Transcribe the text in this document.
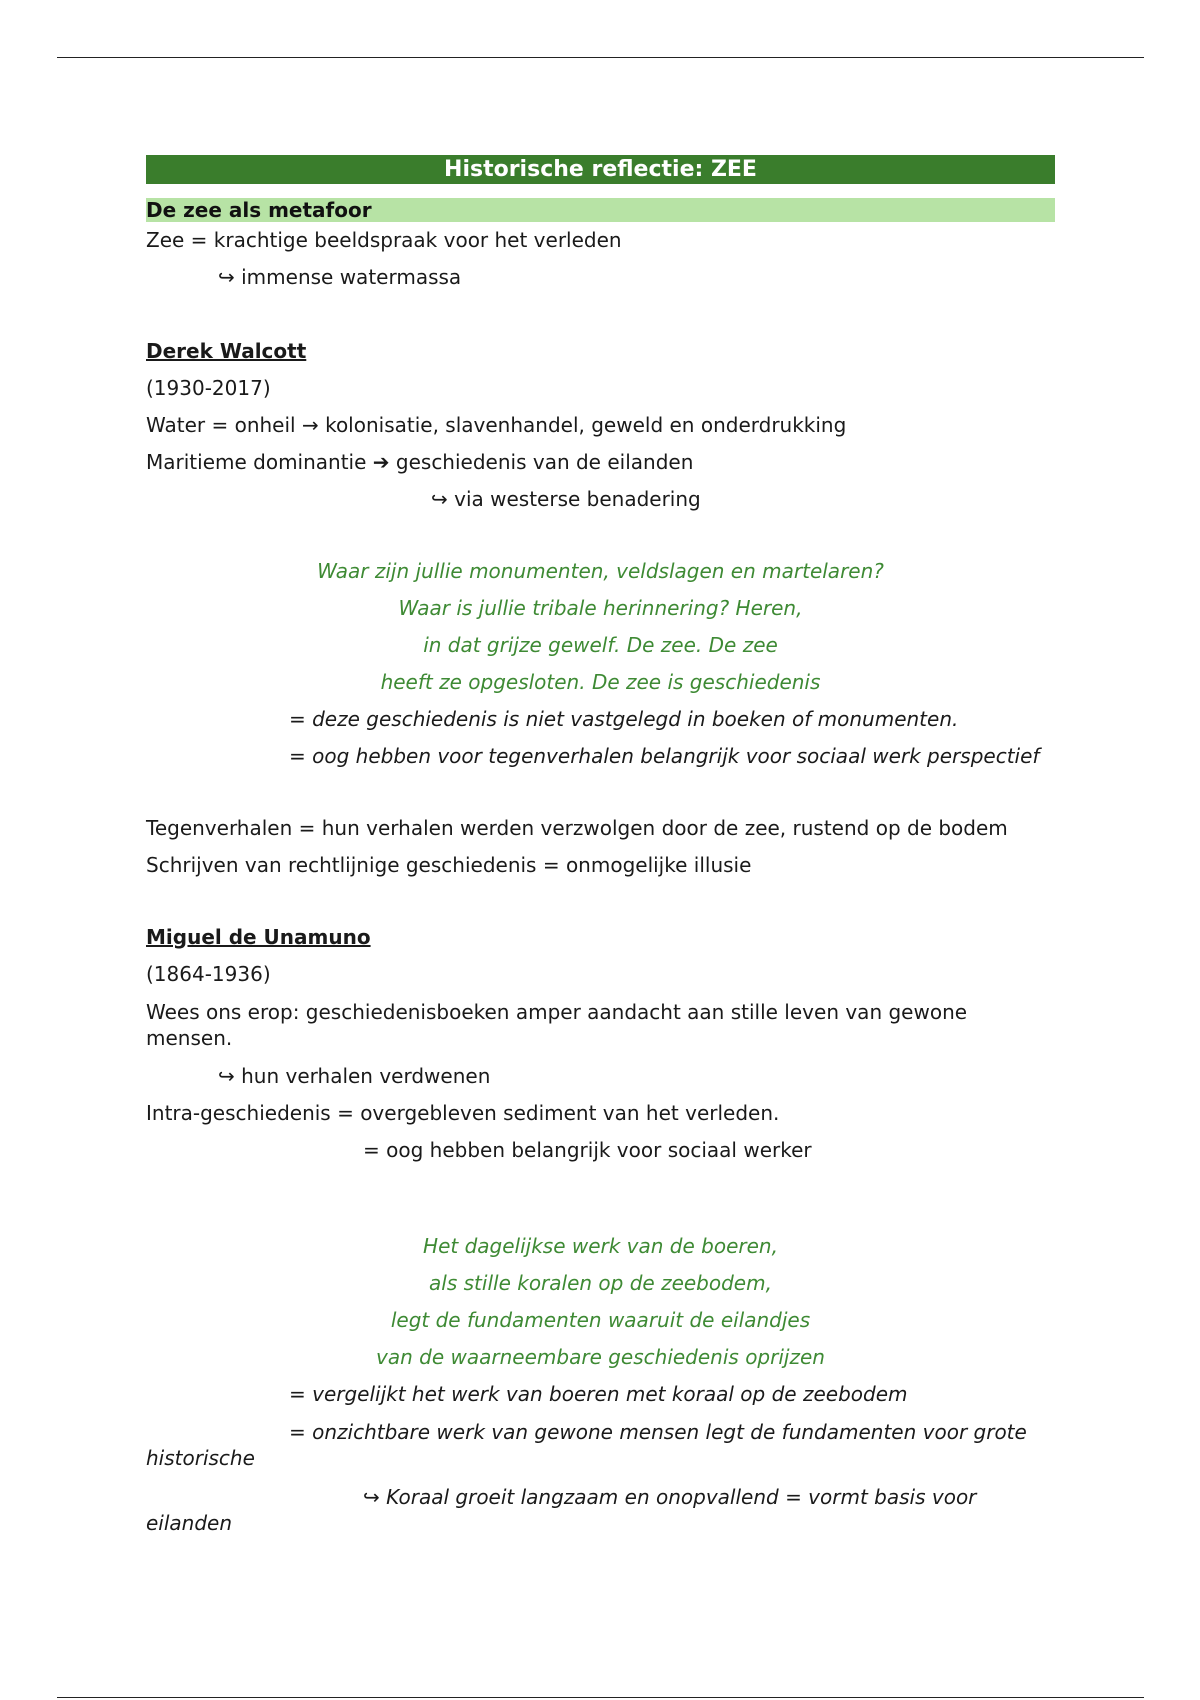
Historische reflectie: ZEE
De zee als metafoor
Zee = krachtige beeldspraak voor het verleden
↪ immense watermassa
Derek Walcott
(1930-2017)
Water = onheil → kolonisatie, slavenhandel, geweld en onderdrukking
Maritieme dominantie ➔ geschiedenis van de eilanden
↪ via westerse benadering
Waar zijn jullie monumenten, veldslagen en martelaren?
Waar is jullie tribale herinnering? Heren,
in dat grijze gewelf. De zee. De zee
heeft ze opgesloten. De zee is geschiedenis
= deze geschiedenis is niet vastgelegd in boeken of monumenten.
= oog hebben voor tegenverhalen belangrijk voor sociaal werk perspectief
Tegenverhalen = hun verhalen werden verzwolgen door de zee, rustend op de bodem
Schrijven van rechtlijnige geschiedenis = onmogelijke illusie
Miguel de Unamuno
(1864-1936)
Wees ons erop: geschiedenisboeken amper aandacht aan stille leven van gewone mensen.
↪ hun verhalen verdwenen
Intra-geschiedenis = overgebleven sediment van het verleden.
= oog hebben belangrijk voor sociaal werker
Het dagelijkse werk van de boeren,
als stille koralen op de zeebodem,
legt de fundamenten waaruit de eilandjes
van de waarneembare geschiedenis oprijzen
= vergelijkt het werk van boeren met koraal op de zeebodem
= onzichtbare werk van gewone mensen legt de fundamenten voor grote historische
↪ Koraal groeit langzaam en onopvallend = vormt basis voor eilanden
